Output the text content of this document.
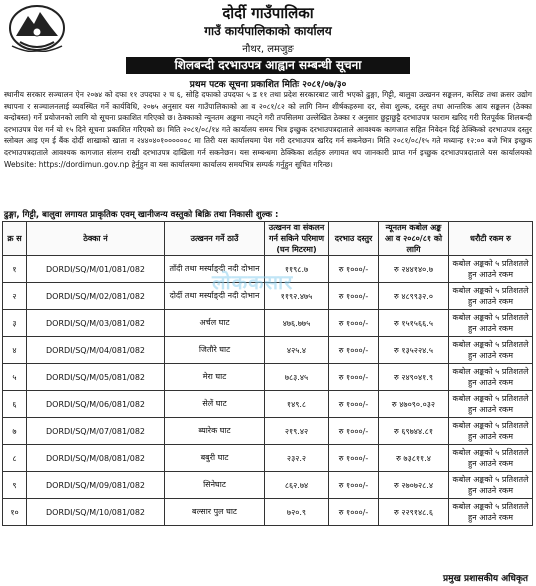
दोर्दी गाउँपालिका
गाउँ कार्यपालिकाको कार्यालय
नौथर, लमजुङ
शिलबन्दी दरभाउपत्र आह्वान सम्बन्धी सूचना
प्रथम पटक सूचना प्रकाशित मितिः २०८१/०७/३०

स्थानीय सरकार सञ्चालन ऐन २०७४ को दफा ११ उपदफा २ च ६, सोहि दफाको उपदफा ५ ड ११ तथा प्रदेश सरकारबाट जारी भएको ढुङ्गा, गिट्टी, बालुवा उत्खनन सङ्कलन, कसिङ तथा क्रसर उद्योग स्थापना र सञ्चालनलाई व्यवस्थित गर्ने कार्यविधि, २०७५ अनुसार यस गाउँपालिकाको आ व २०८१/८२ को लागि निम्न शीर्षकहरुमा दर, सेवा शुल्क, दस्तुर तथा आन्तरिक आय सङ्कलन (ठेक्का बन्दोबस्त) गर्ने प्रयोजनको लागि यो सूचना प्रकाशित गरिएको छ। ठेक्काको न्यूनतम अङ्कमा नघट्ने गरी तपसिलमा उल्लेखित ठेक्का र अनुसार छुट्टाछुट्टै दरभाउपत्र फाराम खरिद गरी रितपूर्वक शिलबन्दी दरभाउपत्र पेश गर्न यो १५ दिने सूचना प्रकाशित गरिएको छ। मिति २०८१/०८/१४ गते कार्यालय समय भित्र इच्छुक दरभाउपत्रदाताले आवश्यक कागजात सहित निवेदन दिई ठेक्किको दरभाउपत्र दस्तुर स्लोबल आइ एम ई बैंक दोर्दी शाखाको खाता न २४४०४०१००००००८ मा तिरी यस कार्यालयमा पेश गरी दरभाउपत्र खरिद गर्न सकनेछन। मिति २०८१/०८/१५ गते मध्यान्ह १२:०० बजे भित्र इच्छुक दरभाउपत्रदाताले आवश्यक कागजात संलग्न राखी दरभाउपत्र दाखिला गर्न सकनेछन। यस सम्बन्धमा ठेक्किका शर्तहरु लगायत थप जानकारी प्राप्त गर्न इच्छुक दरभाउपत्रदाताले यस कार्यालयको Website: https://dordimun.gov.np हेर्नुहुन वा यस कार्यालयमा कार्यालय समयभित्र सम्पर्क गर्नुहुन सूचित गरिन्छ।

ढुङ्गा, गिट्टी, बालुवा लगायत प्राकृतिक एवम् खानीजन्य वस्तुको बिक्रि तथा निकासी शुल्क :
क्र स	ठेक्का नं	उत्खनन गर्ने ठाउँ	उत्खनन वा संकलन गर्न सकिने परिमाण (घन मिटरमा)	दरभाउ दस्तुर	न्यूनतम कबोल अङ्क आ व २०८०/८१ को लागि	धरौटी रकम रु
१	DORDI/SQ/M/01/081/082	ताँदी तथा मर्स्याङ्दी नदी दोभान	११९८.७	रु १०००/-	रु २४४१४०.७	कबोल अङ्कको ५ प्रतिशतले हुन आउने रकम
२	DORDI/SQ/M/02/081/082	दोर्दी तथा मर्स्याङ्दी नदी दोभान	११९२.४७५	रु १०००/-	रु ४८९९३२.०	कबोल अङ्कको ५ प्रतिशतले हुन आउने रकम
३	DORDI/SQ/M/03/081/082	अर्चल घाट	४७६.७७५	रु १०००/-	रु १५१५६६.५	कबोल अङ्कको ५ प्रतिशतले हुन आउने रकम
४	DORDI/SQ/M/04/081/082	जितौरे घाट	४२५.४	रु १०००/-	रु १३५२२४.५	कबोल अङ्कको ५ प्रतिशतले हुन आउने रकम
५	DORDI/SQ/M/05/081/082	मेरा घाट	७८३.४५	रु १०००/-	रु २४९०४१.९	कबोल अङ्कको ५ प्रतिशतले हुन आउने रकम
६	DORDI/SQ/M/06/081/082	सेलें घाट	१४९.८	रु १०००/-	रु ४७०९०.०३२	कबोल अङ्कको ५ प्रतिशतले हुन आउने रकम
७	DORDI/SQ/M/07/081/082	ब्यारेक घाट	२१९.४२	रु १०००/-	रु ६९७४४.८१	कबोल अङ्कको ५ प्रतिशतले हुन आउने रकम
८	DORDI/SQ/M/08/081/082	बबुरी घाट	२३२.२	रु १०००/-	रु ७३८११.४	कबोल अङ्कको ५ प्रतिशतले हुन आउने रकम
९	DORDI/SQ/M/09/081/082	सिनेघाट	८६२.७४	रु १०००/-	रु २७०७२८.४	कबोल अङ्कको ५ प्रतिशतले हुन आउने रकम
१०	DORDI/SQ/M/10/081/082	बल्सार पुल घाट	७२०.९	रु १०००/-	रु २२९१४८.६	कबोल अङ्कको ५ प्रतिशतले हुन आउने रकम
लोककसार
प्रमुख प्रशासकीय अधिकृत
